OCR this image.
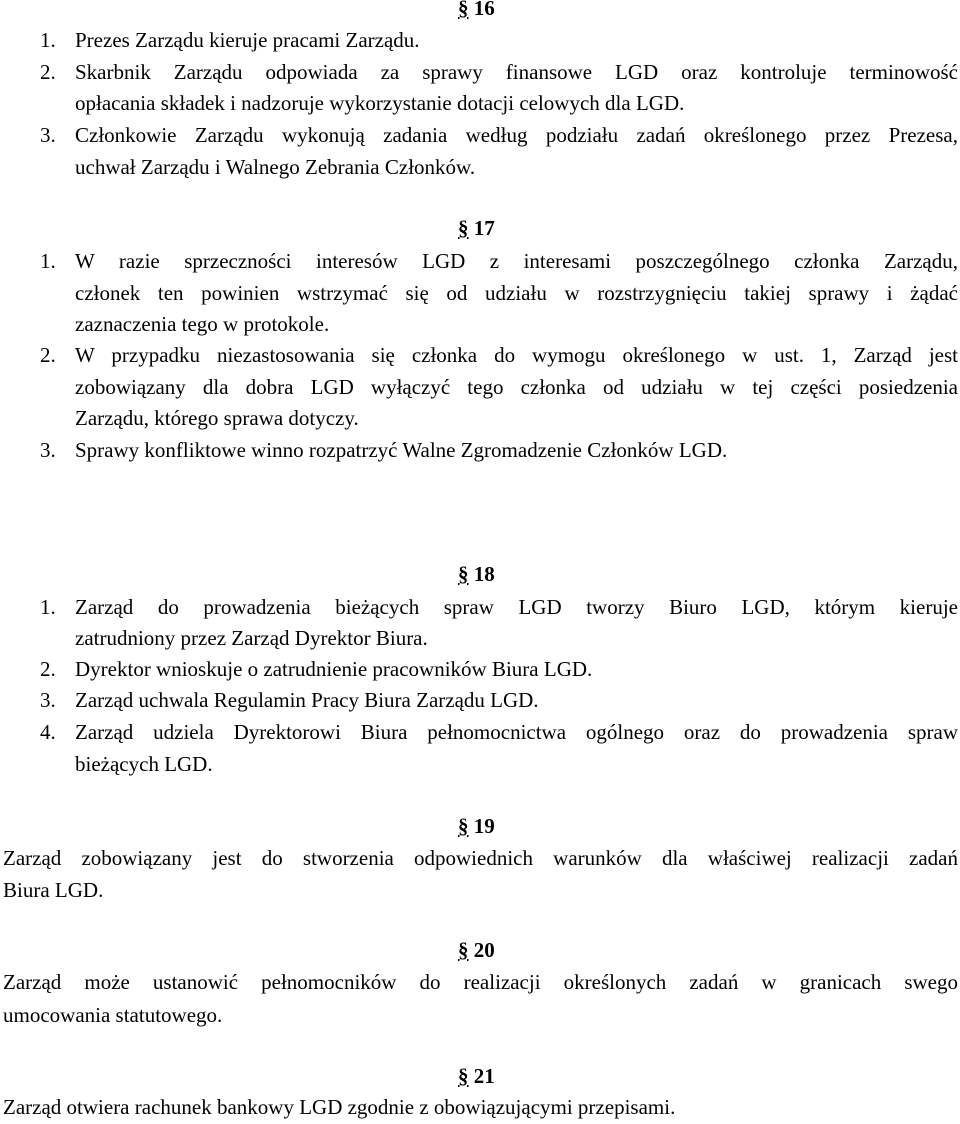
§ 16
1. Prezes Zarządu kieruje pracami Zarządu.
2. Skarbnik Zarządu odpowiada za sprawy finansowe LGD oraz kontroluje terminowość
opłacania składek i nadzoruje wykorzystanie dotacji celowych dla LGD.
3. Członkowie Zarządu wykonują zadania według podziału zadań określonego przez Prezesa,
uchwał Zarządu i Walnego Zebrania Członków.
§ 17
1. W razie sprzeczności interesów LGD z interesami poszczególnego członka Zarządu,
członek ten powinien wstrzymać się od udziału w rozstrzygnięciu takiej sprawy i żądać
zaznaczenia tego w protokole.
2. W przypadku niezastosowania się członka do wymogu określonego w ust. 1, Zarząd jest
zobowiązany dla dobra LGD wyłączyć tego członka od udziału w tej części posiedzenia
Zarządu, którego sprawa dotyczy.
3. Sprawy konfliktowe winno rozpatrzyć Walne Zgromadzenie Członków LGD.
§ 18
1. Zarząd do prowadzenia bieżących spraw LGD tworzy Biuro LGD, którym kieruje
zatrudniony przez Zarząd Dyrektor Biura.
2. Dyrektor wnioskuje o zatrudnienie pracowników Biura LGD.
3. Zarząd uchwala Regulamin Pracy Biura Zarządu LGD.
4. Zarząd udziela Dyrektorowi Biura pełnomocnictwa ogólnego oraz do prowadzenia spraw
bieżących LGD.
§ 19
Zarząd zobowiązany jest do stworzenia odpowiednich warunków dla właściwej realizacji zadań
Biura LGD.
§ 20
Zarząd może ustanowić pełnomocników do realizacji określonych zadań w granicach swego
umocowania statutowego.
§ 21
Zarząd otwiera rachunek bankowy LGD zgodnie z obowiązującymi przepisami.
